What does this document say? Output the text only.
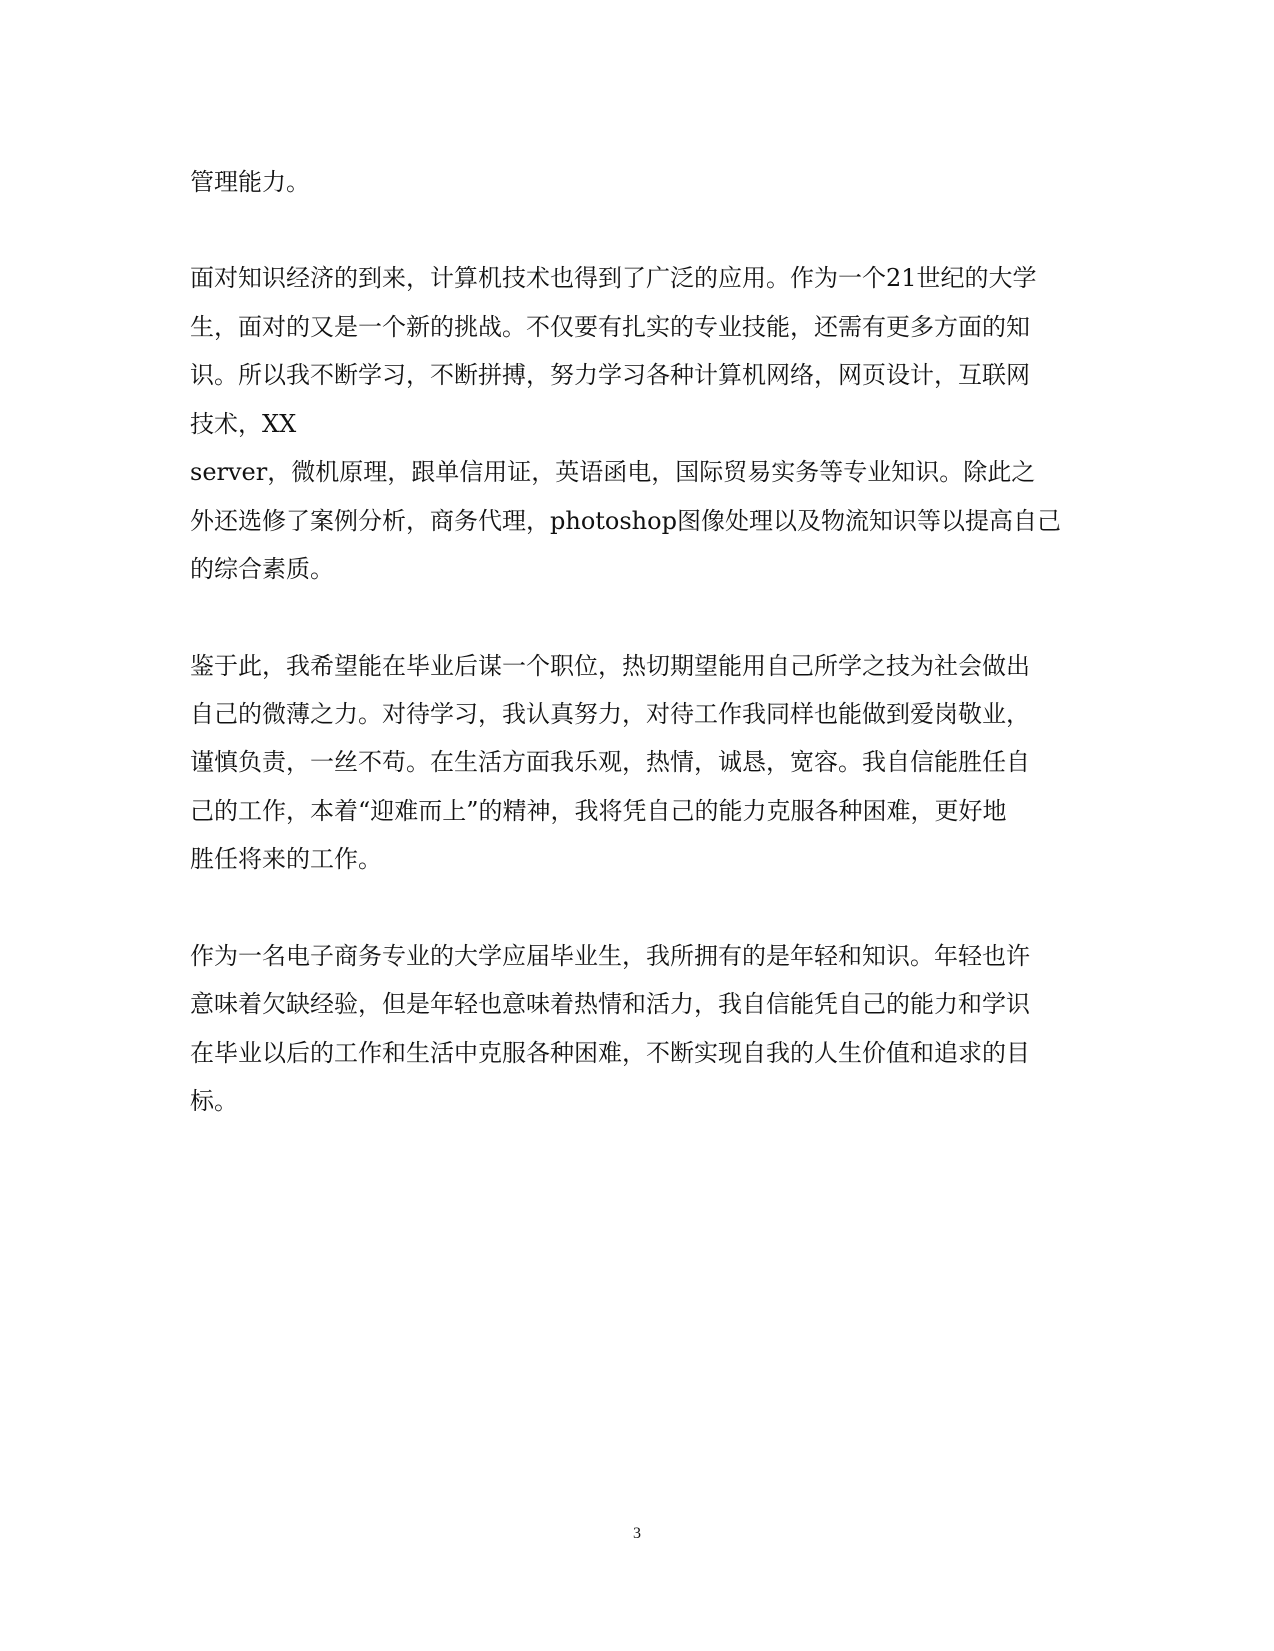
管理能力。
面对知识经济的到来，计算机技术也得到了广泛的应用。作为一个21世纪的大学
生，面对的又是一个新的挑战。不仅要有扎实的专业技能，还需有更多方面的知
识。所以我不断学习，不断拼搏，努力学习各种计算机网络，网页设计，互联网
技术，XX
server，微机原理，跟单信用证，英语函电，国际贸易实务等专业知识。除此之
外还选修了案例分析，商务代理，photoshop图像处理以及物流知识等以提高自己
的综合素质。
鉴于此，我希望能在毕业后谋一个职位，热切期望能用自己所学之技为社会做出
自己的微薄之力。对待学习，我认真努力，对待工作我同样也能做到爱岗敬业，
谨慎负责，一丝不苟。在生活方面我乐观，热情，诚恳，宽容。我自信能胜任自
己的工作，本着“迎难而上”的精神，我将凭自己的能力克服各种困难，更好地
胜任将来的工作。
作为一名电子商务专业的大学应届毕业生，我所拥有的是年轻和知识。年轻也许
意味着欠缺经验，但是年轻也意味着热情和活力，我自信能凭自己的能力和学识
在毕业以后的工作和生活中克服各种困难，不断实现自我的人生价值和追求的目
标。
3
